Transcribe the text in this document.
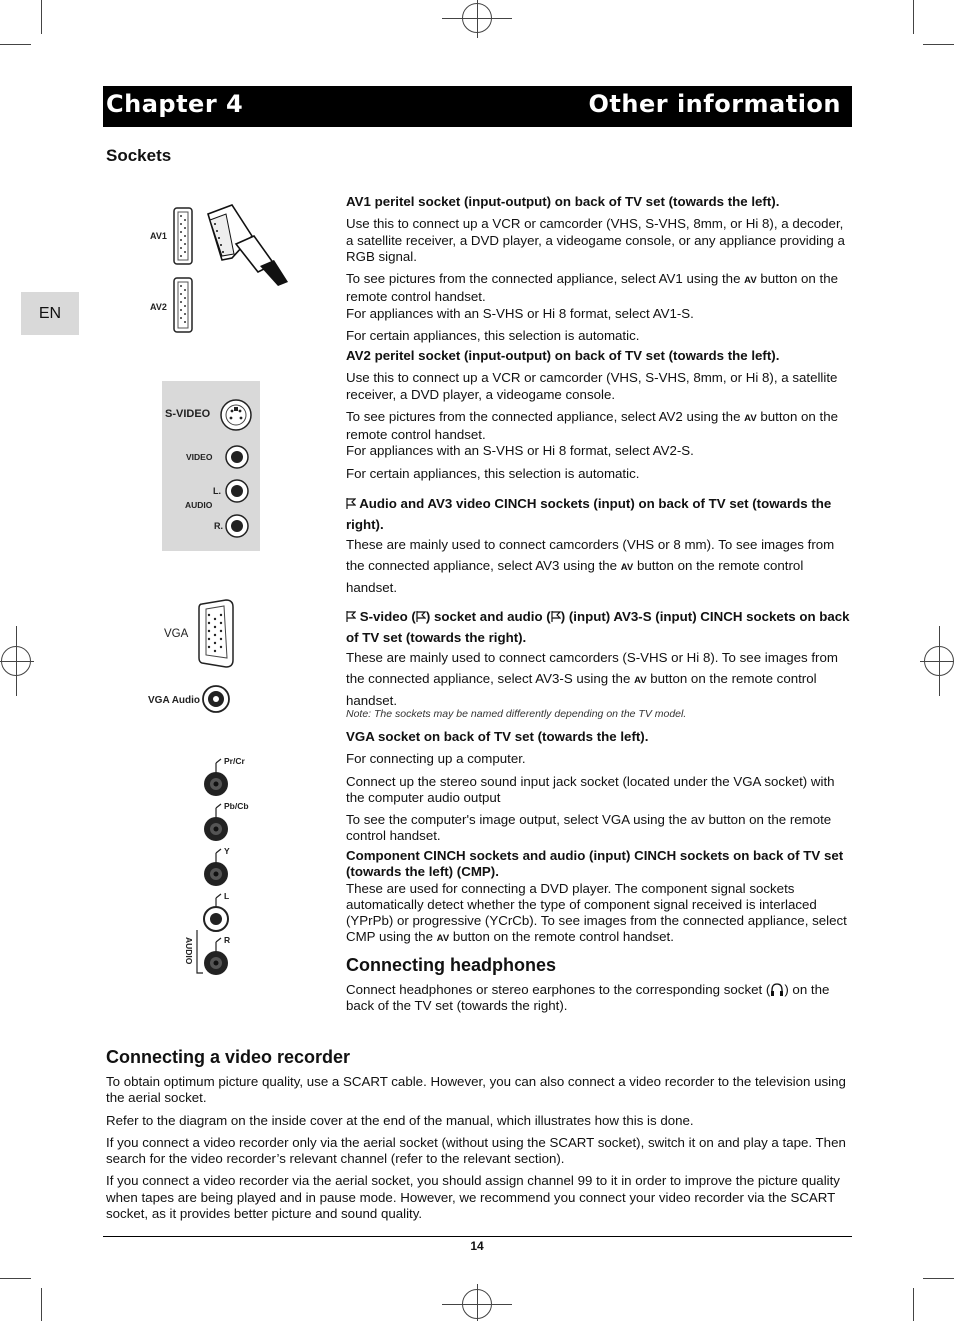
Chapter 4	Other information
EN
Sockets
AV1
AV2
S-VIDEO
VIDEO
L.
AUDIO
R.
VGA
VGA Audio
Pr/Cr
Pb/Cb
Y
L
R
AUDIO
AV1 peritel socket (input-output) on back of TV set (towards the left).

Use this to connect up a VCR or camcorder (VHS, S-VHS, 8mm, or Hi 8), a decoder, a satellite receiver, a DVD player, a videogame console, or any appliance providing a RGB signal.

To see pictures from the connected appliance, select AV1 using the AV button on the remote control handset.
For appliances with an S-VHS or Hi 8 format, select AV1-S.

For certain appliances, this selection is automatic.

AV2 peritel socket (input-output) on back of TV set (towards the left).

Use this to connect up a VCR or camcorder (VHS, S-VHS, 8mm, or Hi 8), a satellite receiver, a DVD player, a videogame console.

To see pictures from the connected appliance, select AV2 using the AV button on the remote control handset.
For appliances with an S-VHS or Hi 8 format, select AV2-S.

For certain appliances, this selection is automatic.

Audio and AV3 video CINCH sockets (input) on back of TV set (towards the right).

These are mainly used to connect camcorders (VHS or 8 mm). To see images from the connected appliance, select AV3 using the AV button on the remote control handset.

S-video ( ) socket and audio ( ) (input) AV3-S (input) CINCH sockets on back of TV set (towards the right).

These are mainly used to connect camcorders (S-VHS or Hi 8). To see images from the connected appliance, select AV3-S using the AV button on the remote control handset.

Note: The sockets may be named differently depending on the TV model.
VGA socket on back of TV set (towards the left).

For connecting up a computer.

Connect up the stereo sound input jack socket (located under the VGA socket) with the computer audio output

To see the computer's image output, select VGA using the av button on the remote control handset.

Component CINCH sockets and audio (input) CINCH sockets on back of TV set (towards the left) (CMP).

These are used for connecting a DVD player. The component signal sockets automatically detect whether the type of component signal received is interlaced (YPrPb) or progressive (YCrCb). To see images from the connected appliance, select CMP using the AV button on the remote control handset.

Connecting headphones
Connect headphones or stereo earphones to the corresponding socket ( ) on the back of the TV set (towards the right).
Connecting a video recorder

To obtain optimum picture quality, use a SCART cable. However, you can also connect a video recorder to the television using the aerial socket.

Refer to the diagram on the inside cover at the end of the manual, which illustrates how this is done.

If you connect a video recorder only via the aerial socket (without using the SCART socket), switch it on and play a tape. Then search for the video recorder’s relevant channel (refer to the relevant section).

If you connect a video recorder via the aerial socket, you should assign channel 99 to it in order to improve the picture quality when tapes are being played and in pause mode. However, we recommend you connect your video recorder via the SCART socket, as it provides better picture and sound quality.

14
